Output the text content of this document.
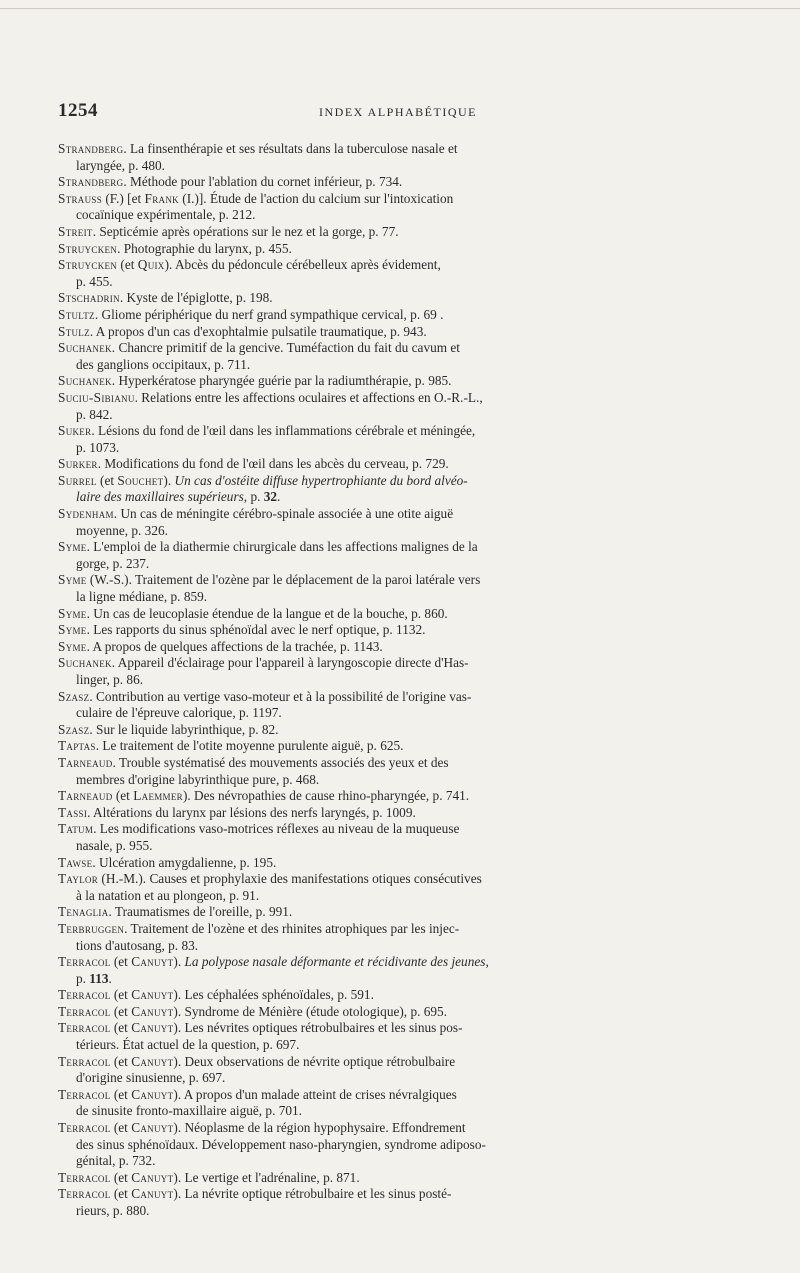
1254	INDEX ALPHABÉTIQUE
Strandberg. La finsenthérapie et ses résultats dans la tuberculose nasale et
laryngée, p. 480.
Strandberg. Méthode pour l'ablation du cornet inférieur, p. 734.
Strauss (F.) [et Frank (I.)]. Étude de l'action du calcium sur l'intoxication
cocaïnique expérimentale, p. 212.
Streit. Septicémie après opérations sur le nez et la gorge, p. 77.
Struycken. Photographie du larynx, p. 455.
Struycken (et Quix). Abcès du pédoncule cérébelleux après évidement,
p. 455.
Stschadrin. Kyste de l'épiglotte, p. 198.
Stultz. Gliome périphérique du nerf grand sympathique cervical, p. 69 .
Stulz. A propos d'un cas d'exophtalmie pulsatile traumatique, p. 943.
Suchanek. Chancre primitif de la gencive. Tuméfaction du fait du cavum et
des ganglions occipitaux, p. 711.
Suchanek. Hyperkératose pharyngée guérie par la radiumthérapie, p. 985.
Suciu-Sibianu. Relations entre les affections oculaires et affections en O.-R.-L.,
p. 842.
Suker. Lésions du fond de l'œil dans les inflammations cérébrale et méningée,
p. 1073.
Surker. Modifications du fond de l'œil dans les abcès du cerveau, p. 729.
Surrel (et Souchet). Un cas d'ostéite diffuse hypertrophiante du bord alvéo-
laire des maxillaires supérieurs, p. 32.
Sydenham. Un cas de méningite cérébro-spinale associée à une otite aiguë
moyenne, p. 326.
Syme. L'emploi de la diathermie chirurgicale dans les affections malignes de la
gorge, p. 237.
Syme (W.-S.). Traitement de l'ozène par le déplacement de la paroi latérale vers
la ligne médiane, p. 859.
Syme. Un cas de leucoplasie étendue de la langue et de la bouche, p. 860.
Syme. Les rapports du sinus sphénoïdal avec le nerf optique, p. 1132.
Syme. A propos de quelques affections de la trachée, p. 1143.
Suchanek. Appareil d'éclairage pour l'appareil à laryngoscopie directe d'Has-
linger, p. 86.
Szasz. Contribution au vertige vaso-moteur et à la possibilité de l'origine vas-
culaire de l'épreuve calorique, p. 1197.
Szasz. Sur le liquide labyrinthique, p. 82.
Taptas. Le traitement de l'otite moyenne purulente aiguë, p. 625.
Tarneaud. Trouble systématisé des mouvements associés des yeux et des
membres d'origine labyrinthique pure, p. 468.
Tarneaud (et Laemmer). Des névropathies de cause rhino-pharyngée, p. 741.
Tassi. Altérations du larynx par lésions des nerfs laryngés, p. 1009.
Tatum. Les modifications vaso-motrices réflexes au niveau de la muqueuse
nasale, p. 955.
Tawse. Ulcération amygdalienne, p. 195.
Taylor (H.-M.). Causes et prophylaxie des manifestations otiques consécutives
à la natation et au plongeon, p. 91.
Tenaglia. Traumatismes de l'oreille, p. 991.
Terbruggen. Traitement de l'ozène et des rhinites atrophiques par les injec-
tions d'autosang, p. 83.
Terracol (et Canuyt). La polypose nasale déformante et récidivante des jeunes,
p. 113.
Terracol (et Canuyt). Les céphalées sphénoïdales, p. 591.
Terracol (et Canuyt). Syndrome de Ménière (étude otologique), p. 695.
Terracol (et Canuyt). Les névrites optiques rétrobulbaires et les sinus pos-
térieurs. État actuel de la question, p. 697.
Terracol (et Canuyt). Deux observations de névrite optique rétrobulbaire
d'origine sinusienne, p. 697.
Terracol (et Canuyt). A propos d'un malade atteint de crises névralgiques
de sinusite fronto-maxillaire aiguë, p. 701.
Terracol (et Canuyt). Néoplasme de la région hypophysaire. Effondrement
des sinus sphénoïdaux. Développement naso-pharyngien, syndrome adiposo-
génital, p. 732.
Terracol (et Canuyt). Le vertige et l'adrénaline, p. 871.
Terracol (et Canuyt). La névrite optique rétrobulbaire et les sinus posté-
rieurs, p. 880.
